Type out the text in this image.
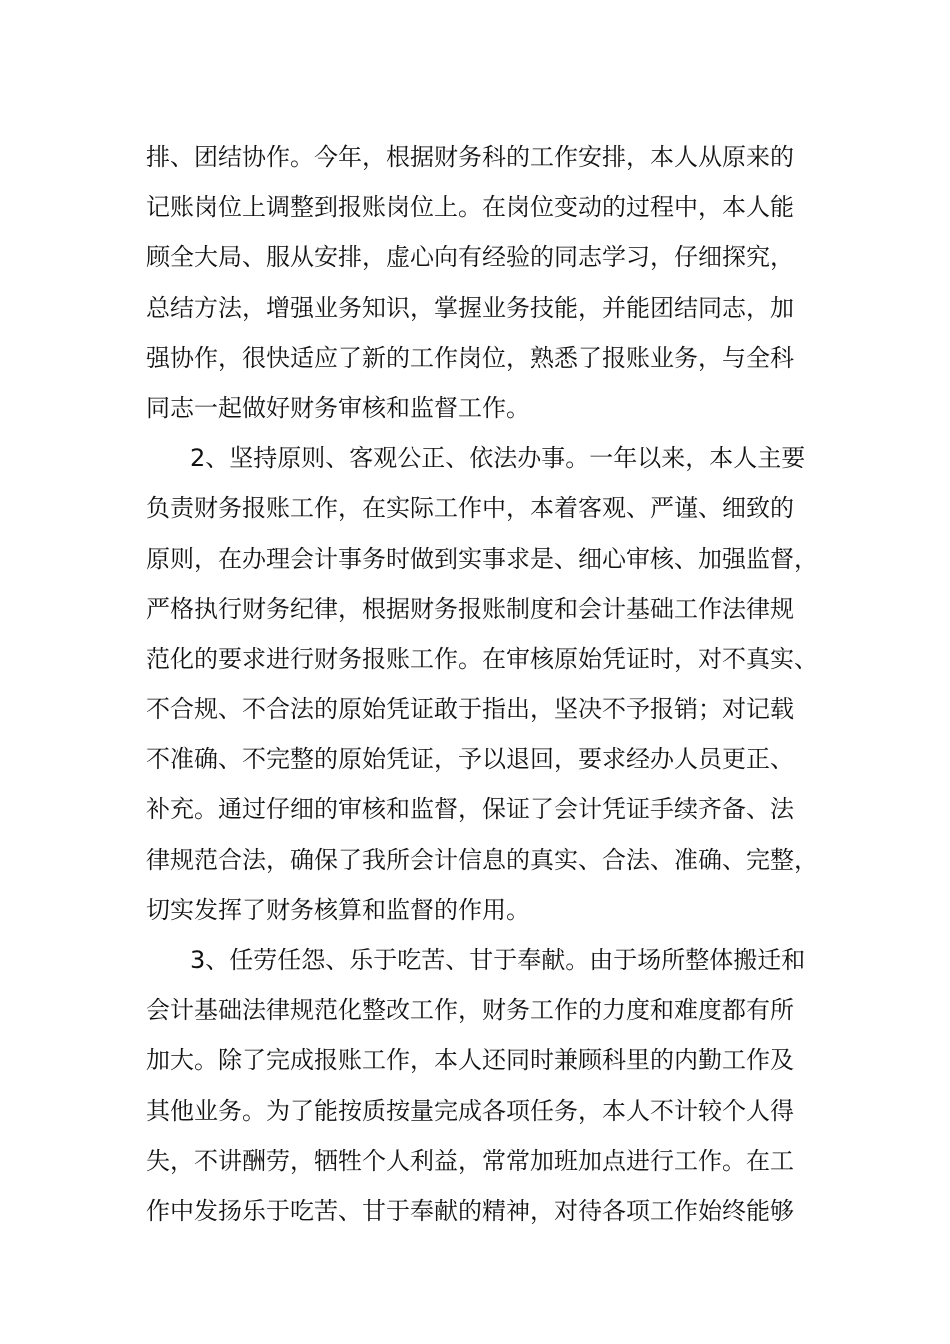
排、团结协作。今年，根据财务科的工作安排，本人从原来的
记账岗位上调整到报账岗位上。在岗位变动的过程中，本人能
顾全大局、服从安排，虚心向有经验的同志学习，仔细探究，
总结方法，增强业务知识，掌握业务技能，并能团结同志，加
强协作，很快适应了新的工作岗位，熟悉了报账业务，与全科
同志一起做好财务审核和监督工作。
2、坚持原则、客观公正、依法办事。一年以来，本人主要
负责财务报账工作，在实际工作中，本着客观、严谨、细致的
原则，在办理会计事务时做到实事求是、细心审核、加强监督，
严格执行财务纪律，根据财务报账制度和会计基础工作法律规
范化的要求进行财务报账工作。在审核原始凭证时，对不真实、
不合规、不合法的原始凭证敢于指出，坚决不予报销；对记载
不准确、不完整的原始凭证，予以退回，要求经办人员更正、
补充。通过仔细的审核和监督，保证了会计凭证手续齐备、法
律规范合法，确保了我所会计信息的真实、合法、准确、完整，
切实发挥了财务核算和监督的作用。
3、任劳任怨、乐于吃苦、甘于奉献。由于场所整体搬迁和
会计基础法律规范化整改工作，财务工作的力度和难度都有所
加大。除了完成报账工作，本人还同时兼顾科里的内勤工作及
其他业务。为了能按质按量完成各项任务，本人不计较个人得
失，不讲酬劳，牺牲个人利益，常常加班加点进行工作。在工
作中发扬乐于吃苦、甘于奉献的精神，对待各项工作始终能够
